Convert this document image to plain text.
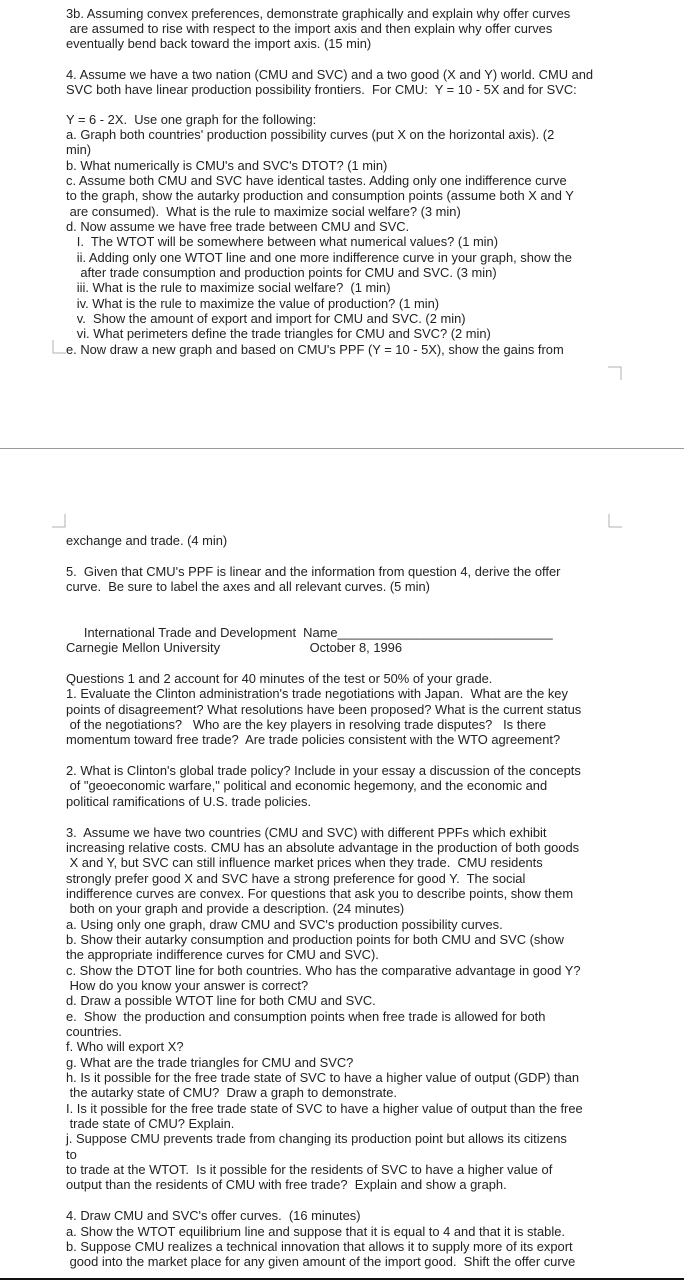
3b. Assuming convex preferences, demonstrate graphically and explain why offer curves
are assumed to rise with respect to the import axis and then explain why offer curves
eventually bend back toward the import axis. (15 min)
4. Assume we have a two nation (CMU and SVC) and a two good (X and Y) world. CMU and
SVC both have linear production possibility frontiers.  For CMU:  Y = 10 - 5X and for SVC:
Y = 6 - 2X.  Use one graph for the following:
a. Graph both countries' production possibility curves (put X on the horizontal axis). (2
min)
b. What numerically is CMU's and SVC's DTOT? (1 min)
c. Assume both CMU and SVC have identical tastes. Adding only one indifference curve
to the graph, show the autarky production and consumption points (assume both X and Y
are consumed).  What is the rule to maximize social welfare? (3 min)
d. Now assume we have free trade between CMU and SVC.
I.  The WTOT will be somewhere between what numerical values? (1 min)
ii. Adding only one WTOT line and one more indifference curve in your graph, show the
after trade consumption and production points for CMU and SVC. (3 min)
iii. What is the rule to maximize social welfare?  (1 min)
iv. What is the rule to maximize the value of production? (1 min)
v.  Show the amount of export and import for CMU and SVC. (2 min)
vi. What perimeters define the trade triangles for CMU and SVC? (2 min)
e. Now draw a new graph and based on CMU's PPF (Y = 10 - 5X), show the gains from
exchange and trade. (4 min)
5.  Given that CMU's PPF is linear and the information from question 4, derive the offer
curve.  Be sure to label the axes and all relevant curves. (5 min)
International Trade and Development  Name______________________________
Carnegie Mellon University                         October 8, 1996
Questions 1 and 2 account for 40 minutes of the test or 50% of your grade.
1. Evaluate the Clinton administration's trade negotiations with Japan.  What are the key
points of disagreement? What resolutions have been proposed? What is the current status
of the negotiations?   Who are the key players in resolving trade disputes?   Is there
momentum toward free trade?  Are trade policies consistent with the WTO agreement?
2. What is Clinton's global trade policy? Include in your essay a discussion of the concepts
of "geoeconomic warfare," political and economic hegemony, and the economic and
political ramifications of U.S. trade policies.
3.  Assume we have two countries (CMU and SVC) with different PPFs which exhibit
increasing relative costs. CMU has an absolute advantage in the production of both goods
X and Y, but SVC can still influence market prices when they trade.  CMU residents
strongly prefer good X and SVC have a strong preference for good Y.  The social
indifference curves are convex. For questions that ask you to describe points, show them
both on your graph and provide a description. (24 minutes)
a. Using only one graph, draw CMU and SVC's production possibility curves.
b. Show their autarky consumption and production points for both CMU and SVC (show
the appropriate indifference curves for CMU and SVC).
c. Show the DTOT line for both countries. Who has the comparative advantage in good Y?
How do you know your answer is correct?
d. Draw a possible WTOT line for both CMU and SVC.
e.  Show  the production and consumption points when free trade is allowed for both
countries.
f. Who will export X?
g. What are the trade triangles for CMU and SVC?
h. Is it possible for the free trade state of SVC to have a higher value of output (GDP) than
the autarky state of CMU?  Draw a graph to demonstrate.
I. Is it possible for the free trade state of SVC to have a higher value of output than the free
trade state of CMU? Explain.
j. Suppose CMU prevents trade from changing its production point but allows its citizens
to
to trade at the WTOT.  Is it possible for the residents of SVC to have a higher value of
output than the residents of CMU with free trade?  Explain and show a graph.
4. Draw CMU and SVC's offer curves.  (16 minutes)
a. Show the WTOT equilibrium line and suppose that it is equal to 4 and that it is stable.
b. Suppose CMU realizes a technical innovation that allows it to supply more of its export
good into the market place for any given amount of the import good.  Shift the offer curve
